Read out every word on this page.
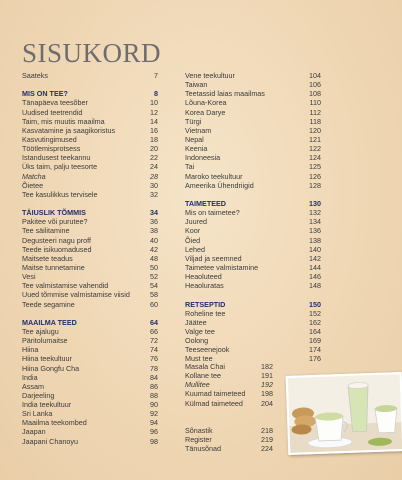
SISUKORD
Saateks	7
MIS ON TEE?	8
Tänapäeva teesõber	10
Uudised teetrendid	12
Taim, mis muutis maailma	14
Kasvatamine ja saagikoristus	16
Kasvutingimused	18
Töötlemisprotsess	20
Istandusest teekannu	22
Üks taim, palju teesorte	24
Matcha	28
Õietee	30
Tee kasulikkus tervisele	32
TÄIUSLIK TÕMMIS	34
Pakitee või purutee?	36
Tee säilitamine	38
Degusteeri nagu proff	40
Teede isikuomadused	42
Maitsete teadus	48
Maitse tunnetamine	50
Vesi	52
Tee valmistamise vahendid	54
Uued tõmmise valmistamise viisid	58
Teede segamine	60
MAAILMA TEED	64
Tee ajalugu	66
Päritolumaitse	72
Hiina	74
Hiina teekultuur	76
Hiina Gongfu Cha	78
India	84
Assam	86
Darjeeling	88
India teekultuur	90
Sri Lanka	92
Maailma teekombed	94
Jaapan	96
Jaapani Chanoyu	98
Vene teekultuur	104
Taiwan	106
Teetassid laias maailmas	108
Lõuna-Korea	110
Korea Darye	112
Türgi	118
Vietnam	120
Nepal	121
Keenia	122
Indoneesia	124
Tai	125
Maroko teekultuur	126
Ameerika Ühendriigid	128
TAIMETEED	130
Mis on taimetee?	132
Juured	134
Koor	136
Õied	138
Lehed	140
Viljad ja seemned	142
Taimetee valmistamine	144
Heaoluteed	146
Heaoluratas	148
RETSEPTID	150
Roheline tee	152
Jäätee	162
Valge tee	164
Oolong	169
Teeseenejook	174
Must tee	176
Masala Chai	182
Kollane tee	191
Mullitee	192
Kuumad taimeteed 198
Külmad taimeteed	204
Sõnastik	218
Register	219
Tänusõnad	224
